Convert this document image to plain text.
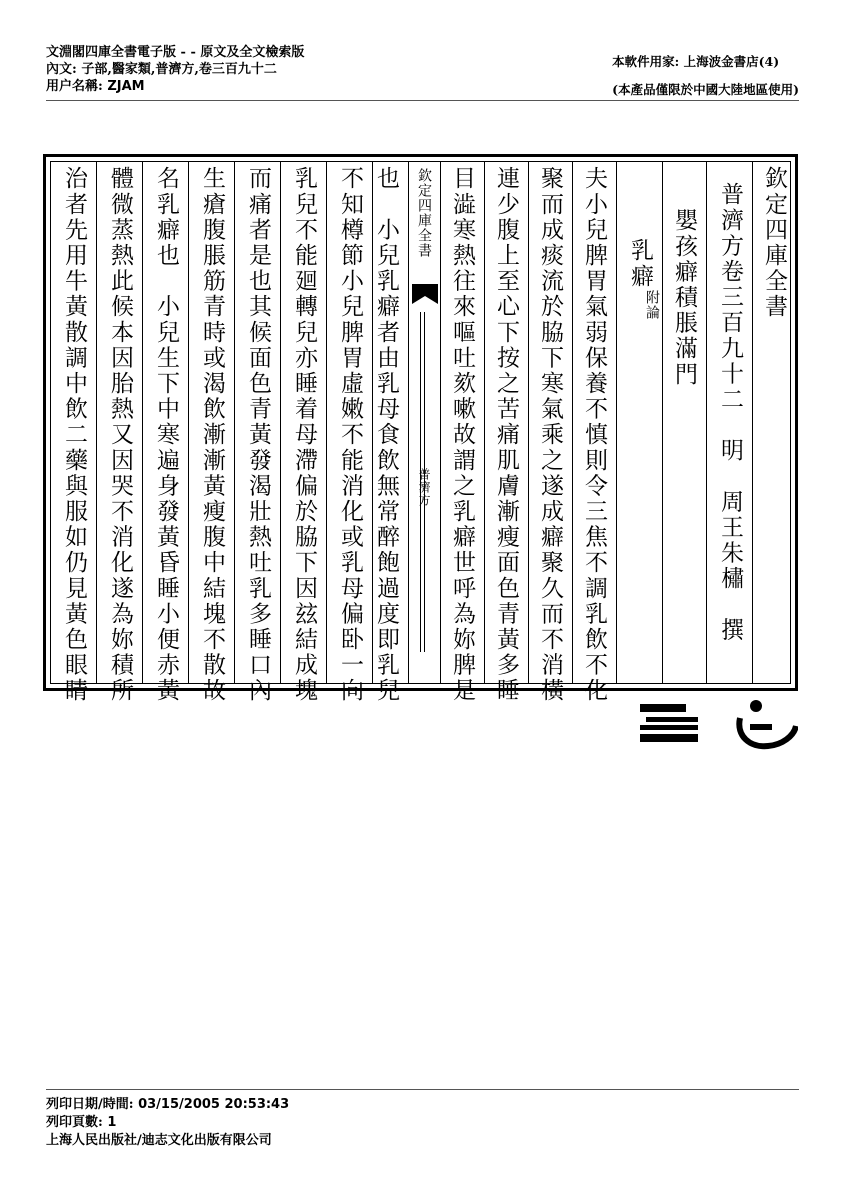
文淵閣四庫全書電子版 - - 原文及全文檢索版
內文: 子部,醫家類,普濟方,卷三百九十二
用户名稱: ZJAM
本軟件用家: 上海波金書店(4)
(本產品僅限於中國大陸地區使用)
治者先用牛黃散調中飲二藥與服如仍見黃色眼睛 體微蒸熱此候本因胎熱又因哭不消化遂為妳積所 名乳癖也　小兒生下中寒遍身發黃昏睡小便赤黃 生瘡腹脹筋青時或渴飲漸漸黃瘦腹中結塊不散故 而痛者是也其候面色青黃發渴壯熱吐乳多睡口內 乳兒不能廻轉兒亦睡着母滯偏於脇下因玆結成塊 不知樽節小兒脾胃虛嫩不能消化或乳母偏卧一向 也　小兒乳癖者由乳母食飲無常醉飽過度即乳兒	欽定四庫全書
普濟方 目澁寒熱往來嘔吐欬嗽故謂之乳癖世呼為妳脾是 連少腹上至心下按之苦痛肌膚漸瘦面色青黃多睡 聚而成痰流於脇下寒氣乘之遂成癖聚久而不消橫 夫小兒脾胃氣弱保養不慎則令三焦不調乳飲不化 乳癖
附論 嬰孩癖積脹滿門 普濟方卷三百九十二　明　周王朱橚　撰 欽定四庫全書
列印日期/時間: 03/15/2005 20:53:43
列印頁數: 1
上海人民出版社/迪志文化出版有限公司
